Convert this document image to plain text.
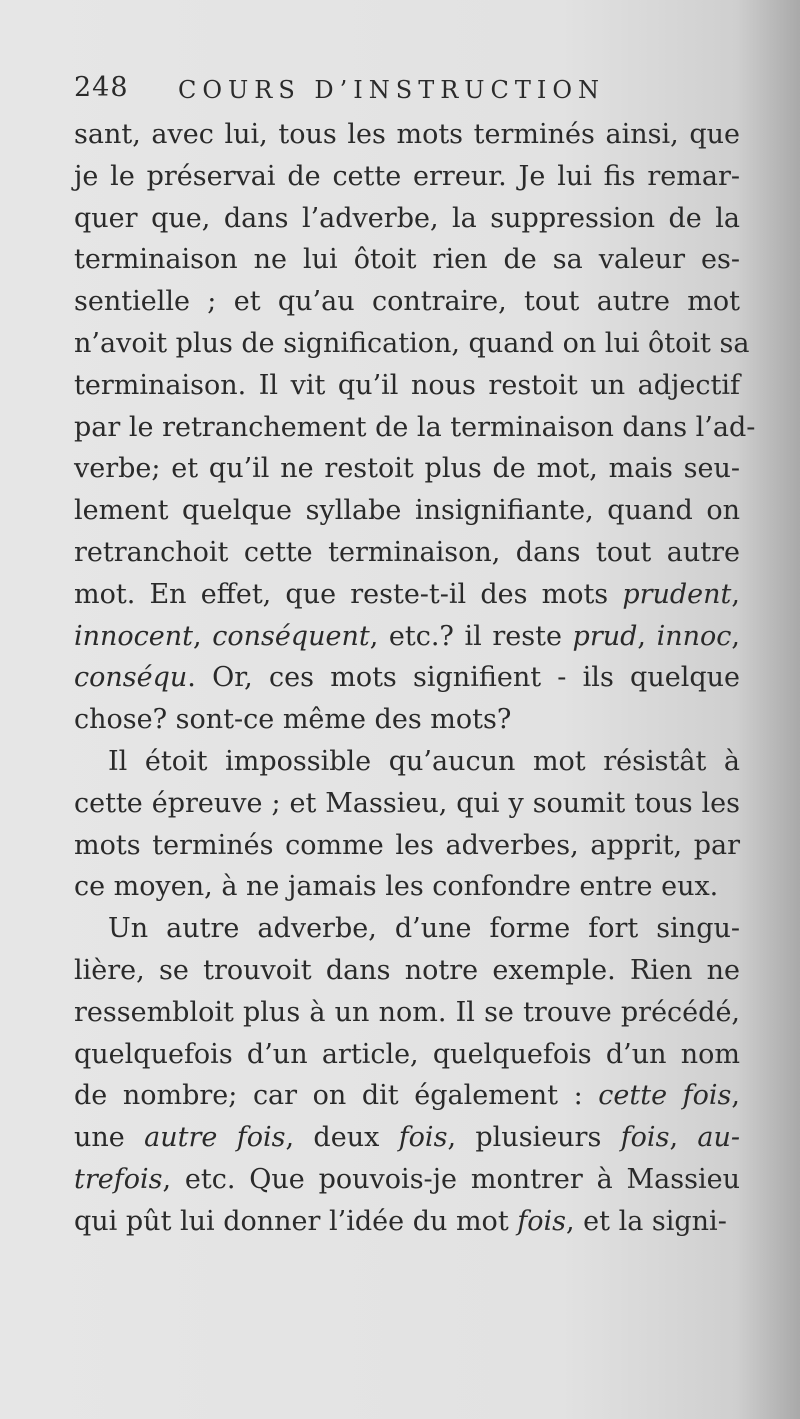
248 COURS D’INSTRUCTION
sant, avec lui, tous les mots terminés ainsi, que
je le préservai de cette erreur. Je lui fis remar-
quer que, dans l’adverbe, la suppression de la
terminaison ne lui ôtoit rien de sa valeur es-
sentielle ; et qu’au contraire, tout autre mot
n’avoit plus de signification, quand on lui ôtoit sa
terminaison. Il vit qu’il nous restoit un adjectif
par le retranchement de la terminaison dans l’ad-
verbe; et qu’il ne restoit plus de mot, mais seu-
lement quelque syllabe insignifiante, quand on
retranchoit cette terminaison, dans tout autre
mot. En effet, que reste-t-il des mots prudent,
innocent, conséquent, etc.? il reste prud, innoc,
conséqu. Or, ces mots signifient - ils quelque
chose? sont-ce même des mots?
Il étoit impossible qu’aucun mot résistât à
cette épreuve ; et Massieu, qui y soumit tous les
mots terminés comme les adverbes, apprit, par
ce moyen, à ne jamais les confondre entre eux.
Un autre adverbe, d’une forme fort singu-
lière, se trouvoit dans notre exemple. Rien ne
ressembloit plus à un nom. Il se trouve précédé,
quelquefois d’un article, quelquefois d’un nom
de nombre; car on dit également : cette fois,
une autre fois, deux fois, plusieurs fois, au-
trefois, etc. Que pouvois-je montrer à Massieu
qui pût lui donner l’idée du mot fois, et la signi-
